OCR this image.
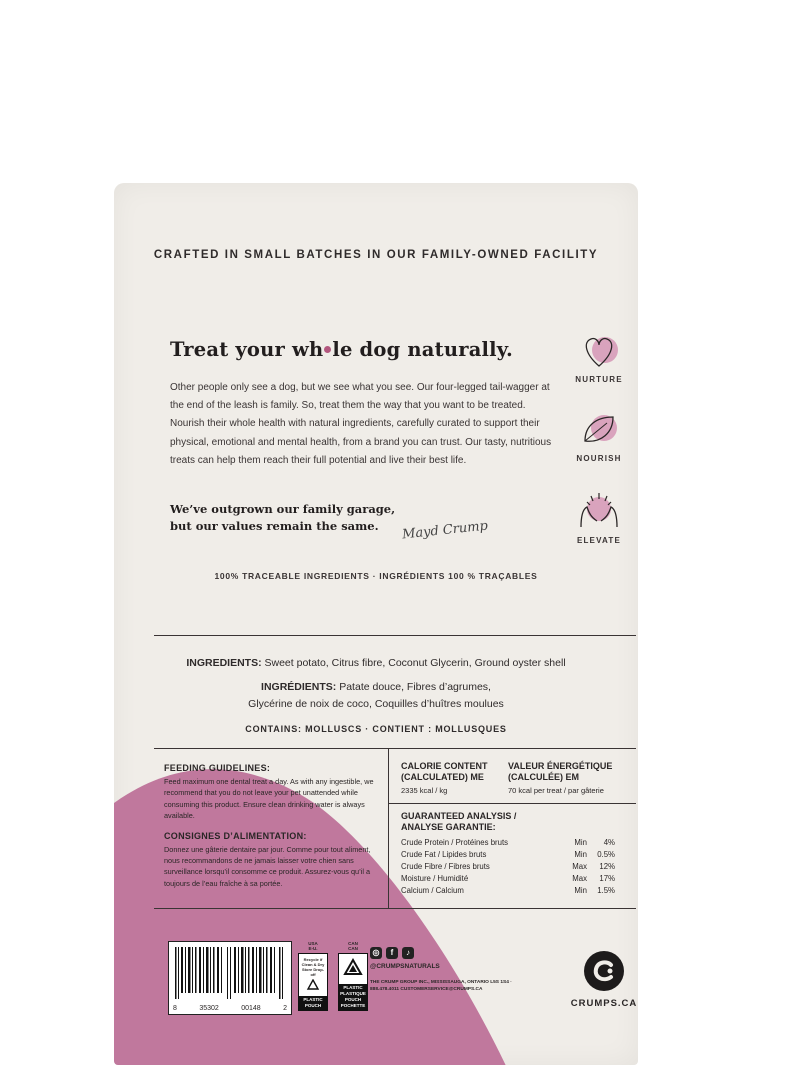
CRAFTED IN SMALL BATCHES IN OUR FAMILY-OWNED FACILITY
Treat your wh le dog naturally.
Other people only see a dog, but we see what you see. Our four-legged tail-wagger at the end of the leash is family. So, treat them the way that you want to be treated. Nourish their whole health with natural ingredients, carefully curated to support their physical, emotional and mental health, from a brand you can trust. Our tasty, nutritious treats can help them reach their full potential and live their best life.
We’ve outgrown our family garage,
but our values remain the same.	Mayd Crump
NURTURE
NOURISH
ELEVATE
100% TRACEABLE INGREDIENTS · INGRÉDIENTS 100 % TRAÇABLES
INGREDIENTS: Sweet potato, Citrus fibre, Coconut Glycerin, Ground oyster shell
INGRÉDIENTS: Patate douce, Fibres d’agrumes,
Glycérine de noix de coco, Coquilles d’huîtres moulues
CONTAINS: MOLLUSCS · CONTIENT : MOLLUSQUES
FEEDING GUIDELINES:

Feed maximum one dental treat a day. As with any ingestible, we recommend that you do not leave your pet unattended while consuming this product. Ensure clean drinking water is always available.

CONSIGNES D’ALIMENTATION:

Donnez une gâterie dentaire par jour. Comme pour tout aliment, nous recommandons de ne jamais laisser votre chien sans surveillance lorsqu’il consomme ce produit. Assurez-vous qu’il a toujours de l’eau fraîche à sa portée.

CALORIE CONTENT
(CALCULATED) ME
2335 kcal / kg
VALEUR ÉNERGÉTIQUE
(CALCULÉE) EM
70 kcal per treat / par gâterie
GUARANTEED ANALYSIS /
ANALYSE GARANTIE:
Crude Protein / Protéines bruts	Min	4%
Crude Fat / Lipides bruts	Min	0.5%
Crude Fibre / Fibres bruts	Max	12%
Moisture / Humidité	Max	17%
Calcium / Calcium	Min	1.5%
8	35302	00148	2
USA
E-U.
Recycle if Clean & Dry Store Drop-off
PLASTIC POUCH
CAN
CAN
PLASTIC PLASTIQUE POUCH POCHETTE
◎	f	♪
@CRUMPSNATURALS
THE CRUMP GROUP INC., MISSISSAUGA, ONTARIO L5S 1S4 · 888.478.4011 CUSTOMERSERVICE@CRUMPS.CA
CRUMPS.CA
